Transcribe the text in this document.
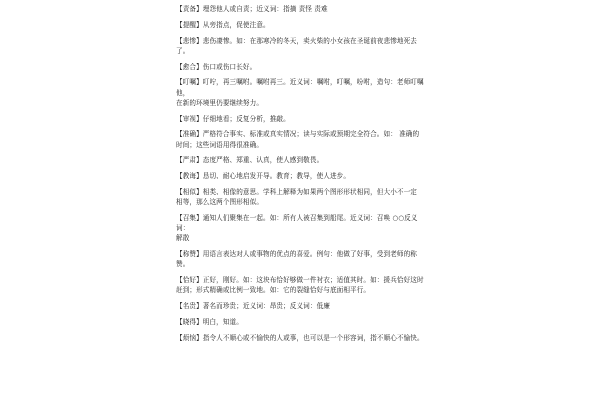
【责备】埋怨他人或自责；近义词：指摘 责怪 责难

【提醒】从旁指点，促使注意。

【悲惨】悲伤凄惨。如：在那寒冷的冬天，卖火柴的小女孩在圣诞前夜悲惨地死去
了。

【愈合】伤口或伤口长好。

【叮嘱】叮咛，再三嘱咐。嘱咐再三。近义词：嘱咐，叮嘱，吩咐，造句：老师叮嘱他，
在新的环境里仍要继续努力。

【审视】仔细地看；反复分析，推敲。

【准确】严格符合事实、标准或真实情况；读与实际或预期完全符合。如： 准确的
时间；这些词语用得很准确。

【严肃】态度严格、郑重、认真，使人感到敬畏。

【教诲】恳切、耐心地启发开导。教育；教导，使人进步。

【相似】相类、相像的意思。学科上解释为如果两个图形形状相同，但大小不一定
相等，那么这两个图形相似。

【召集】通知人们聚集在一起。如：所有人被召集到船尾。近义词：召唤 ○○反义词：
解散

【称赞】用语言表达对人或事物的优点的喜爱。例句：他做了好事，受到老师的称
赞。

【恰好】正好，刚好。如：这块布恰好够做一件衬衣；适值其时。如：援兵恰好这时
赶到；形式精确或比例一致地。如：它的裂缝恰好与底面相平行。

【名贵】著名而珍贵；近义词：昂贵；反义词：低廉

【晓得】明白，知道。

【烦恼】指令人不顺心或不愉快的人或事，也可以是一个形容词，指不顺心不愉快。
